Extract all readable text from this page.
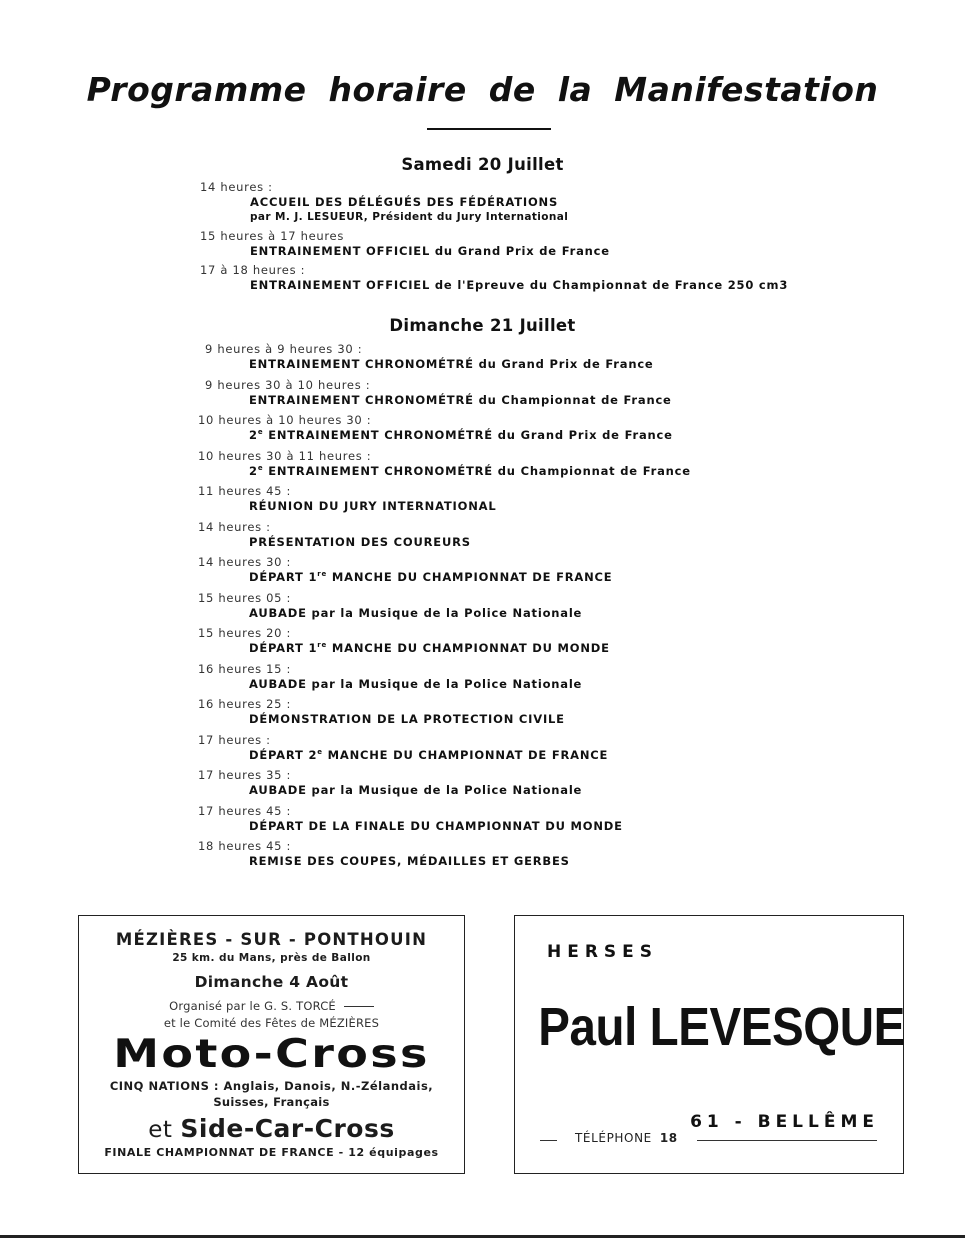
Programme horaire de la Manifestation
Samedi 20 Juillet
14 heures :
ACCUEIL DES DÉLÉGUÉS DES FÉDÉRATIONS
par M. J. LESUEUR, Président du Jury International
15 heures à 17 heures
ENTRAINEMENT OFFICIEL du Grand Prix de France
17 à 18 heures :
ENTRAINEMENT OFFICIEL de l'Epreuve du Championnat de France 250 cm3
Dimanche 21 Juillet
9 heures à 9 heures 30 :
ENTRAINEMENT CHRONOMÉTRÉ du Grand Prix de France
9 heures 30 à 10 heures :
ENTRAINEMENT CHRONOMÉTRÉ du Championnat de France
10 heures à 10 heures 30 :
2e ENTRAINEMENT CHRONOMÉTRÉ du Grand Prix de France
10 heures 30 à 11 heures :
2e ENTRAINEMENT CHRONOMÉTRÉ du Championnat de France
11 heures 45 :
RÉUNION DU JURY INTERNATIONAL
14 heures :
PRÉSENTATION DES COUREURS
14 heures 30 :
DÉPART 1re MANCHE DU CHAMPIONNAT DE FRANCE
15 heures 05 :
AUBADE par la Musique de la Police Nationale
15 heures 20 :
DÉPART 1re MANCHE DU CHAMPIONNAT DU MONDE
16 heures 15 :
AUBADE par la Musique de la Police Nationale
16 heures 25 :
DÉMONSTRATION DE LA PROTECTION CIVILE
17 heures :
DÉPART 2e MANCHE DU CHAMPIONNAT DE FRANCE
17 heures 35 :
AUBADE par la Musique de la Police Nationale
17 heures 45 :
DÉPART DE LA FINALE DU CHAMPIONNAT DU MONDE
18 heures 45 :
REMISE DES COUPES, MÉDAILLES ET GERBES
MÉZIÈRES - SUR - PONTHOUIN
25 km. du Mans, près de Ballon
Dimanche 4 Août
Organisé par le G. S. TORCÉ
et le Comité des Fêtes de MÉZIÈRES
Moto-Cross
CINQ NATIONS : Anglais, Danois, N.-Zélandais,
Suisses, Français
et Side-Car-Cross
FINALE CHAMPIONNAT DE FRANCE - 12 équipages
HERSES
Paul LEVESQUE
61 - BELLÊME
TÉLÉPHONE 18
